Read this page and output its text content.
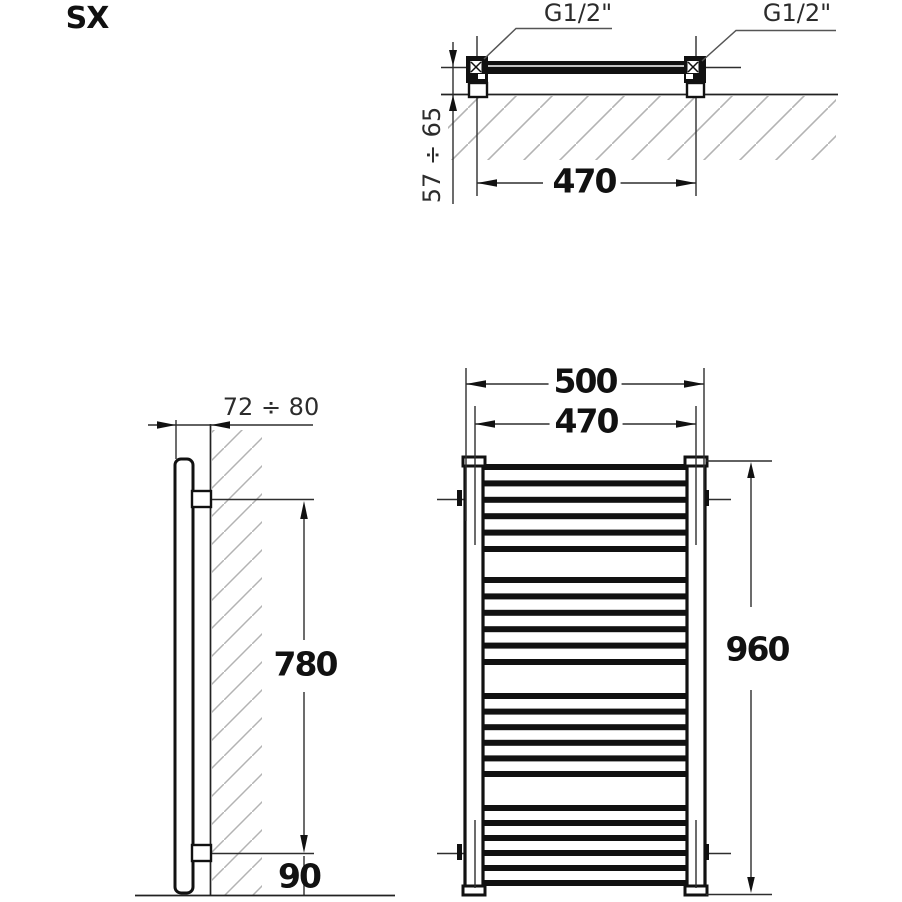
SX	G1/2"	G1/2"
57 ÷ 65	470
72 ÷ 80
780
90
500
470
960
